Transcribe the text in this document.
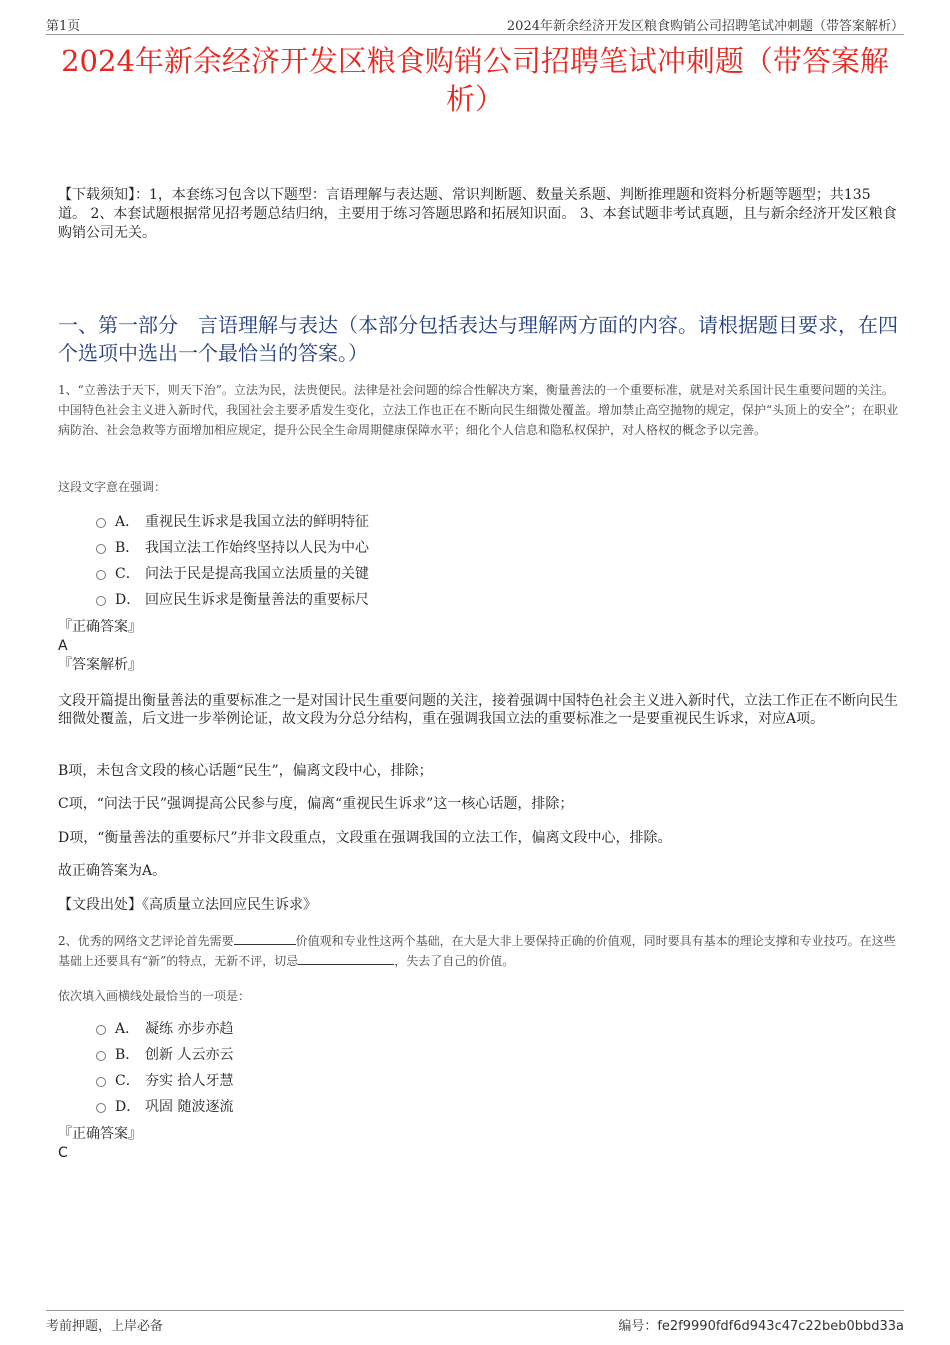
第1页	2024年新余经济开发区粮食购销公司招聘笔试冲刺题（带答案解析）
2024年新余经济开发区粮食购销公司招聘笔试冲刺题（带答案解析）
【下载须知】：1，本套练习包含以下题型：言语理解与表达题、常识判断题、数量关系题、判断推理题和资料分析题等题型；共135道。 2、本套试题根据常见招考题总结归纳，主要用于练习答题思路和拓展知识面。 3、本套试题非考试真题，且与新余经济开发区粮食购销公司无关。
一、第一部分　言语理解与表达（本部分包括表达与理解两方面的内容。请根据题目要求，在四个选项中选出一个最恰当的答案。）
1、“立善法于天下，则天下治”。立法为民，法贵便民。法律是社会问题的综合性解决方案，衡量善法的一个重要标准，就是对关系国计民生重要问题的关注。中国特色社会主义进入新时代，我国社会主要矛盾发生变化，立法工作也正在不断向民生细微处覆盖。增加禁止高空抛物的规定，保护“头顶上的安全”；在职业病防治、社会急救等方面增加相应规定，提升公民全生命周期健康保障水平；细化个人信息和隐私权保护，对人格权的概念予以完善。
这段文字意在强调：
A． 重视民生诉求是我国立法的鲜明特征
B． 我国立法工作始终坚持以人民为中心
C． 问法于民是提高我国立法质量的关键
D． 回应民生诉求是衡量善法的重要标尺
『正确答案』
A
『答案解析』
文段开篇提出衡量善法的重要标准之一是对国计民生重要问题的关注，接着强调中国特色社会主义进入新时代，立法工作正在不断向民生细微处覆盖，后文进一步举例论证，故文段为分总分结构，重在强调我国立法的重要标准之一是要重视民生诉求，对应A项。
B项，未包含文段的核心话题“民生”，偏离文段中心，排除；
C项，“问法于民”强调提高公民参与度，偏离“重视民生诉求”这一核心话题，排除；
D项，“衡量善法的重要标尺”并非文段重点，文段重在强调我国的立法工作，偏离文段中心，排除。
故正确答案为A。
【文段出处】《高质量立法回应民生诉求》
2、优秀的网络文艺评论首先需要	价值观和专业性这两个基础，在大是大非上要保持正确的价值观，同时要具有基本的理论支撑和专业技巧。在这些基础上还要具有“新”的特点，无新不评，切忌	，失去了自己的价值。
依次填入画横线处最恰当的一项是：
A． 凝练 亦步亦趋
B． 创新 人云亦云
C． 夯实 拾人牙慧
D． 巩固 随波逐流
『正确答案』
C
考前押题，上岸必备	编号：fe2f9990fdf6d943c47c22beb0bbd33a
